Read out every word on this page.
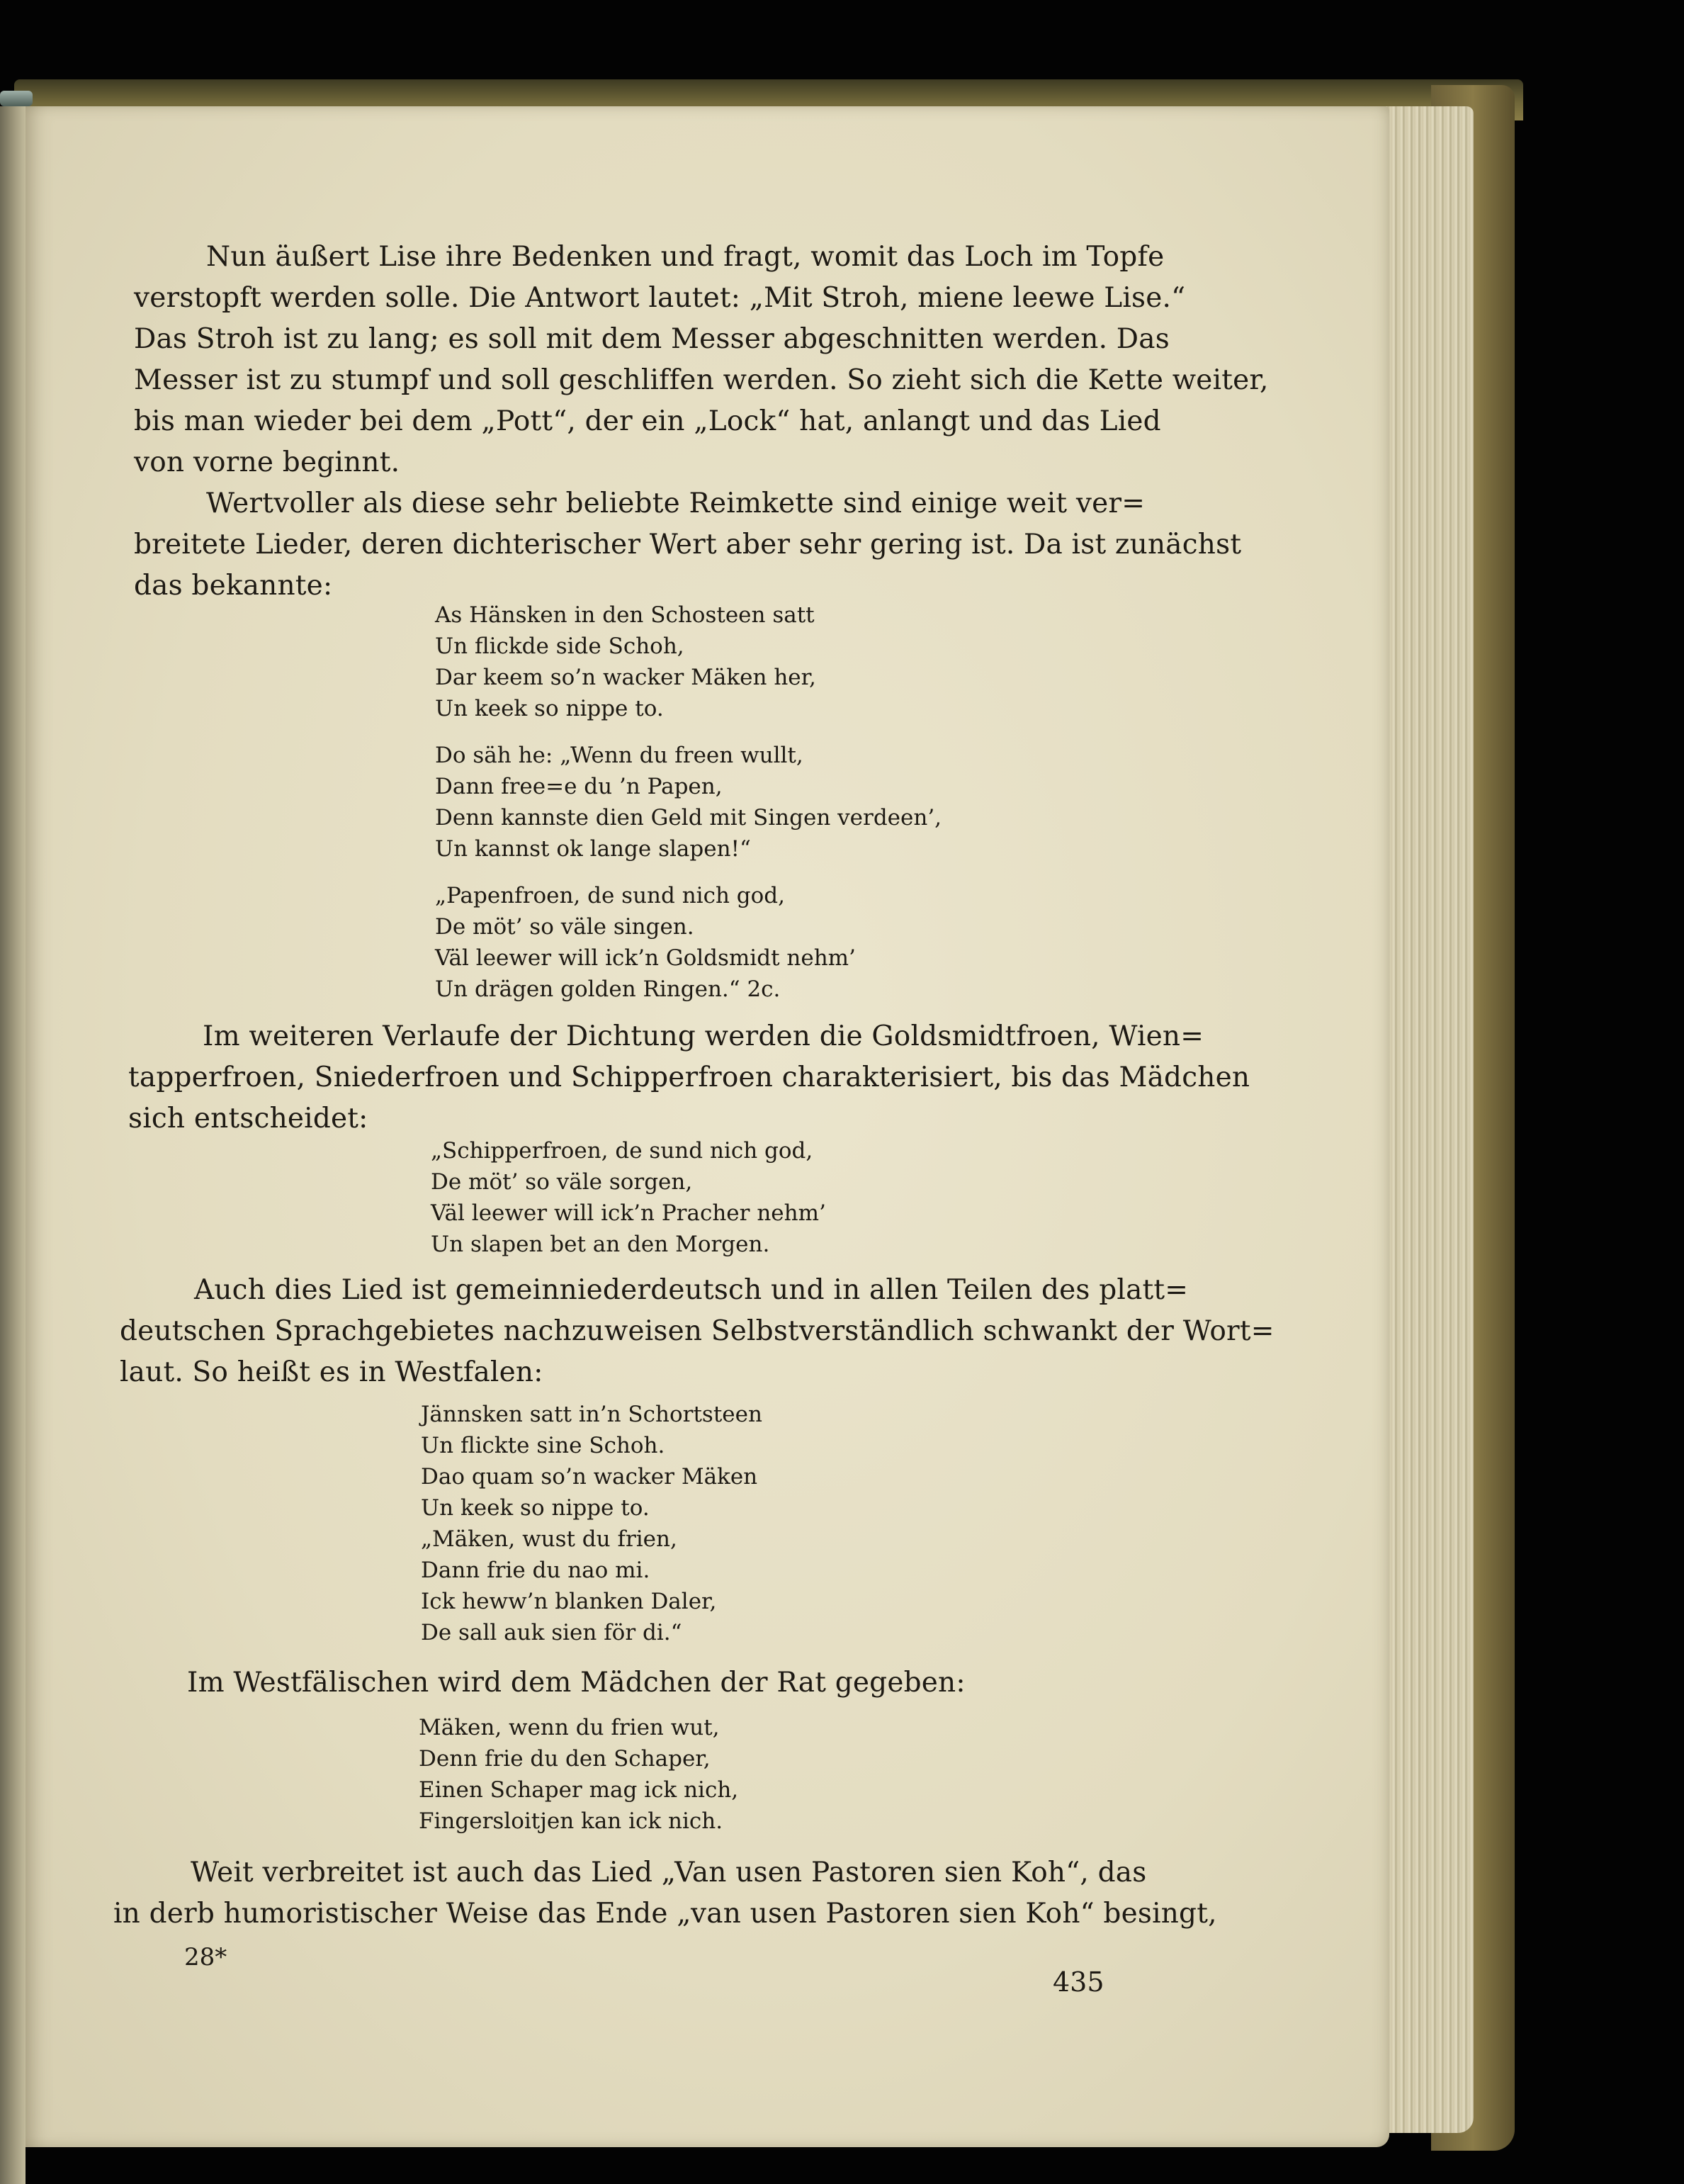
Nun äußert Lise ihre Bedenken und fragt, womit das Loch im Topfe
verstopft werden solle. Die Antwort lautet: „Mit Stroh, miene leewe Lise.“
Das Stroh ist zu lang; es soll mit dem Messer abgeschnitten werden. Das
Messer ist zu stumpf und soll geschliffen werden. So zieht sich die Kette weiter,
bis man wieder bei dem „Pott“, der ein „Lock“ hat, anlangt und das Lied
von vorne beginnt.
Wertvoller als diese sehr beliebte Reimkette sind einige weit ver=
breitete Lieder, deren dichterischer Wert aber sehr gering ist. Da ist zunächst
das bekannte:
As Hänsken in den Schosteen satt
Un flickde side Schoh,
Dar keem so’n wacker Mäken her,
Un keek so nippe to.
Do säh he: „Wenn du freen wullt,
Dann free=e du ’n Papen,
Denn kannste dien Geld mit Singen verdeen’,
Un kannst ok lange slapen!“
„Papenfroen, de sund nich god,
De möt’ so väle singen.
Väl leewer will ick’n Goldsmidt nehm’
Un drägen golden Ringen.“ 2c.
Im weiteren Verlaufe der Dichtung werden die Goldsmidtfroen, Wien=
tapperfroen, Sniederfroen und Schipperfroen charakterisiert, bis das Mädchen
sich entscheidet:
„Schipperfroen, de sund nich god,
De möt’ so väle sorgen,
Väl leewer will ick’n Pracher nehm’
Un slapen bet an den Morgen.
Auch dies Lied ist gemeinniederdeutsch und in allen Teilen des platt=
deutschen Sprachgebietes nachzuweisen Selbstverständlich schwankt der Wort=
laut. So heißt es in Westfalen:
Jännsken satt in’n Schortsteen
Un flickte sine Schoh.
Dao quam so’n wacker Mäken
Un keek so nippe to.
„Mäken, wust du frien,
Dann frie du nao mi.
Ick heww’n blanken Daler,
De sall auk sien för di.“
Im Westfälischen wird dem Mädchen der Rat gegeben:
Mäken, wenn du frien wut,
Denn frie du den Schaper,
Einen Schaper mag ick nich,
Fingersloitjen kan ick nich.
Weit verbreitet ist auch das Lied „Van usen Pastoren sien Koh“, das
in derb humoristischer Weise das Ende „van usen Pastoren sien Koh“ besingt,
28*
435
